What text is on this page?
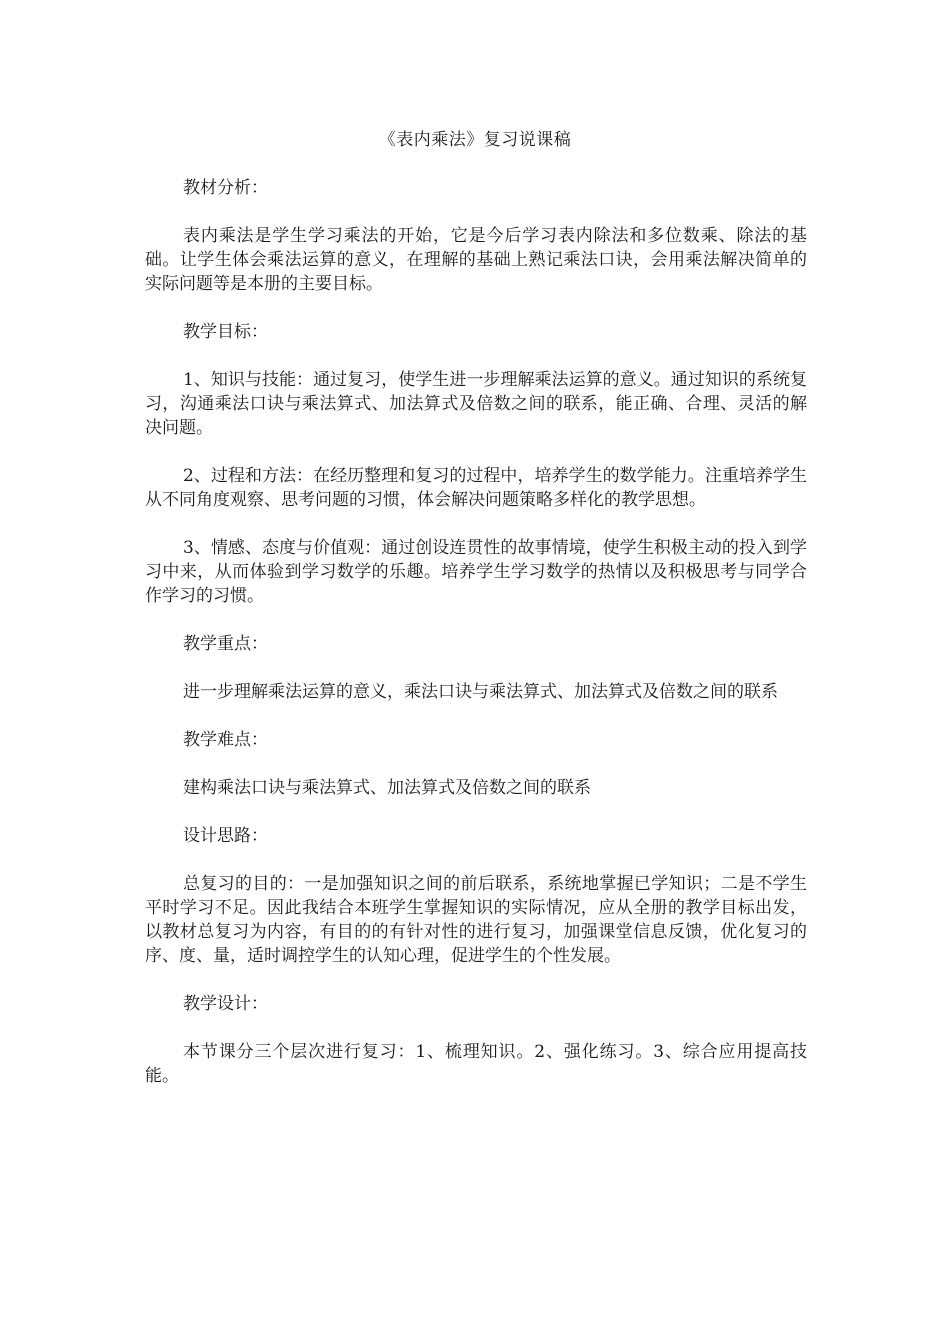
《表内乘法》复习说课稿

教材分析：

表内乘法是学生学习乘法的开始，它是今后学习表内除法和多位数乘、除法的基础。让学生体会乘法运算的意义，在理解的基础上熟记乘法口诀，会用乘法解决简单的实际问题等是本册的主要目标。

教学目标：

1、知识与技能：通过复习，使学生进一步理解乘法运算的意义。通过知识的系统复习，沟通乘法口诀与乘法算式、加法算式及倍数之间的联系，能正确、合理、灵活的解决问题。

2、过程和方法：在经历整理和复习的过程中，培养学生的数学能力。注重培养学生从不同角度观察、思考问题的习惯，体会解决问题策略多样化的教学思想。

3、情感、态度与价值观：通过创设连贯性的故事情境，使学生积极主动的投入到学习中来，从而体验到学习数学的乐趣。培养学生学习数学的热情以及积极思考与同学合作学习的习惯。

教学重点：

进一步理解乘法运算的意义，乘法口诀与乘法算式、加法算式及倍数之间的联系

教学难点：

建构乘法口诀与乘法算式、加法算式及倍数之间的联系

设计思路：

总复习的目的：一是加强知识之间的前后联系，系统地掌握已学知识；二是不学生平时学习不足。因此我结合本班学生掌握知识的实际情况，应从全册的教学目标出发，以教材总复习为内容，有目的的有针对性的进行复习，加强课堂信息反馈，优化复习的序、度、量，适时调控学生的认知心理，促进学生的个性发展。

教学设计：

本节课分三个层次进行复习：1、梳理知识。2、强化练习。3、综合应用提高技能。
